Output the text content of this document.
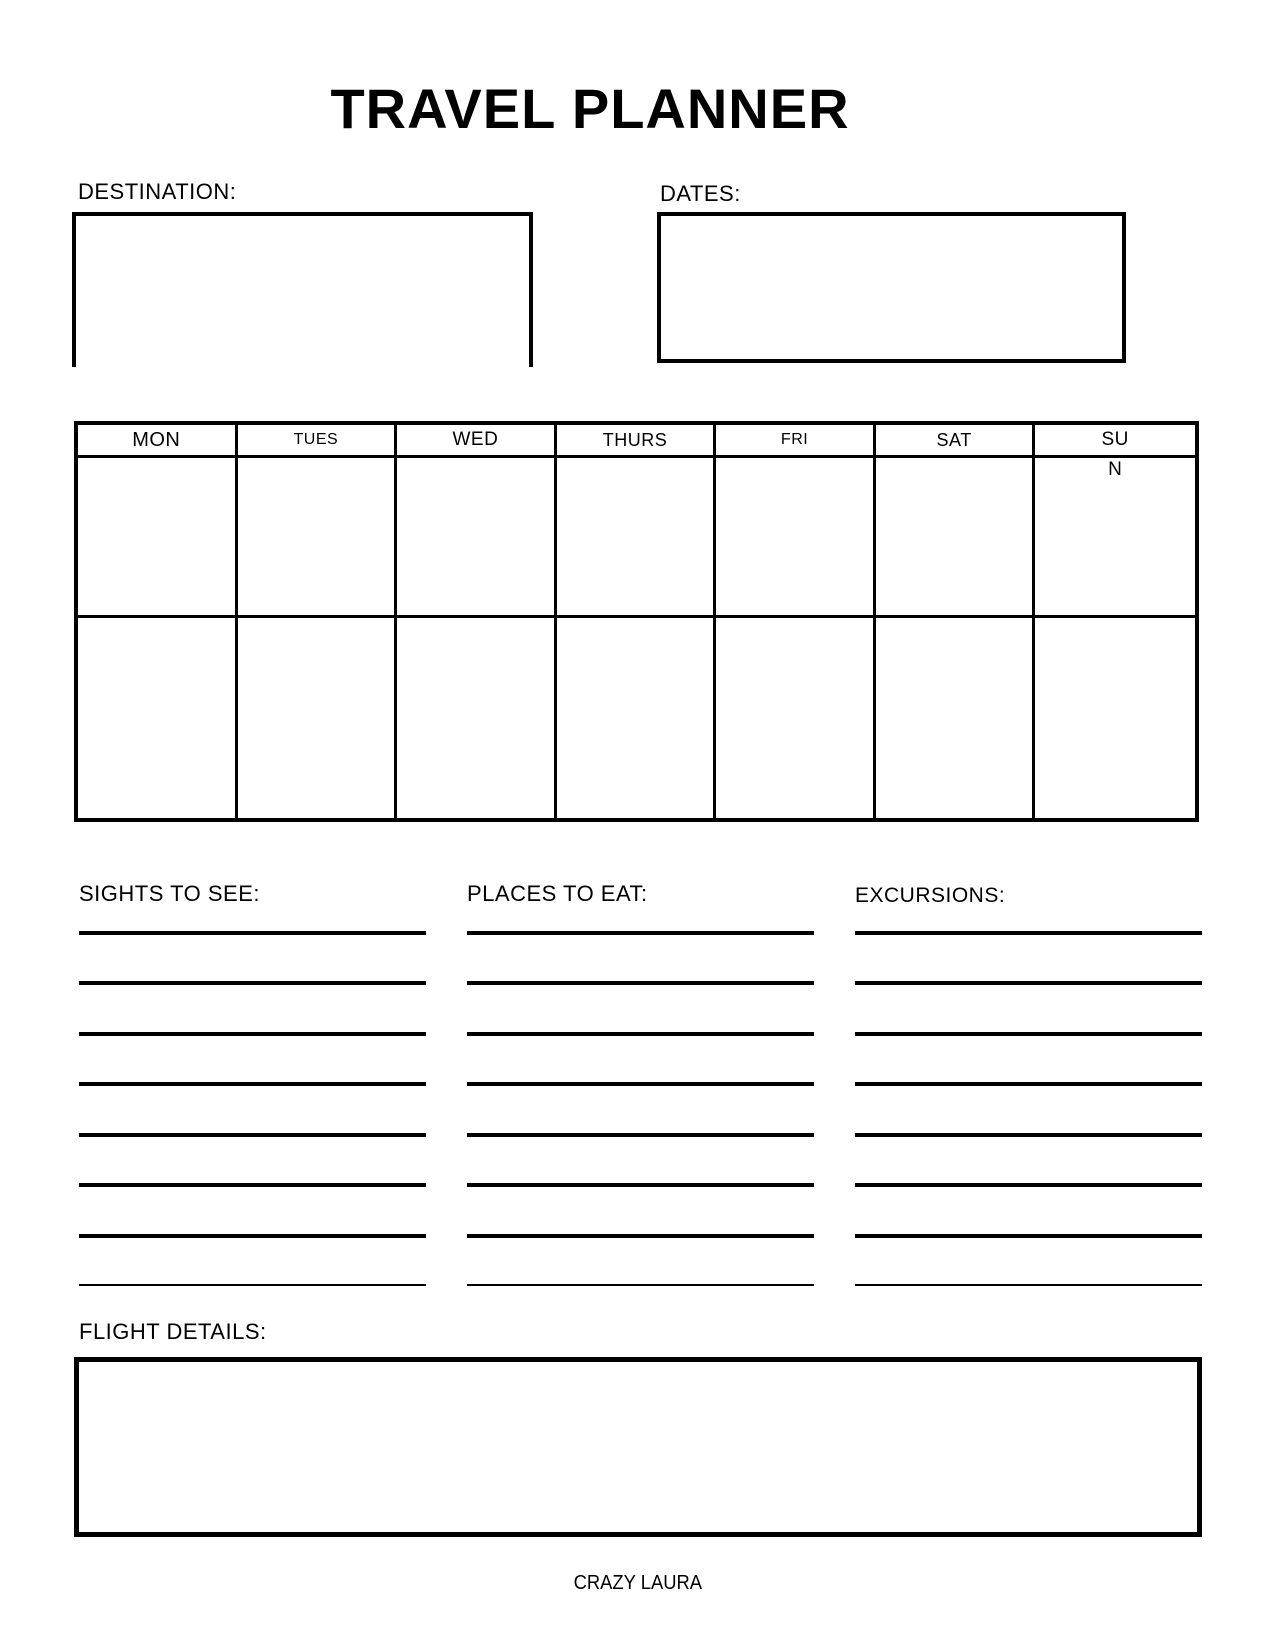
TRAVEL PLANNER
DESTINATION:	DATES:
MON	TUES	WED	THURS	FRI	SAT	SU
N
SIGHTS TO SEE:	PLACES TO EAT:	EXCURSIONS:
FLIGHT DETAILS:
CRAZY LAURA
